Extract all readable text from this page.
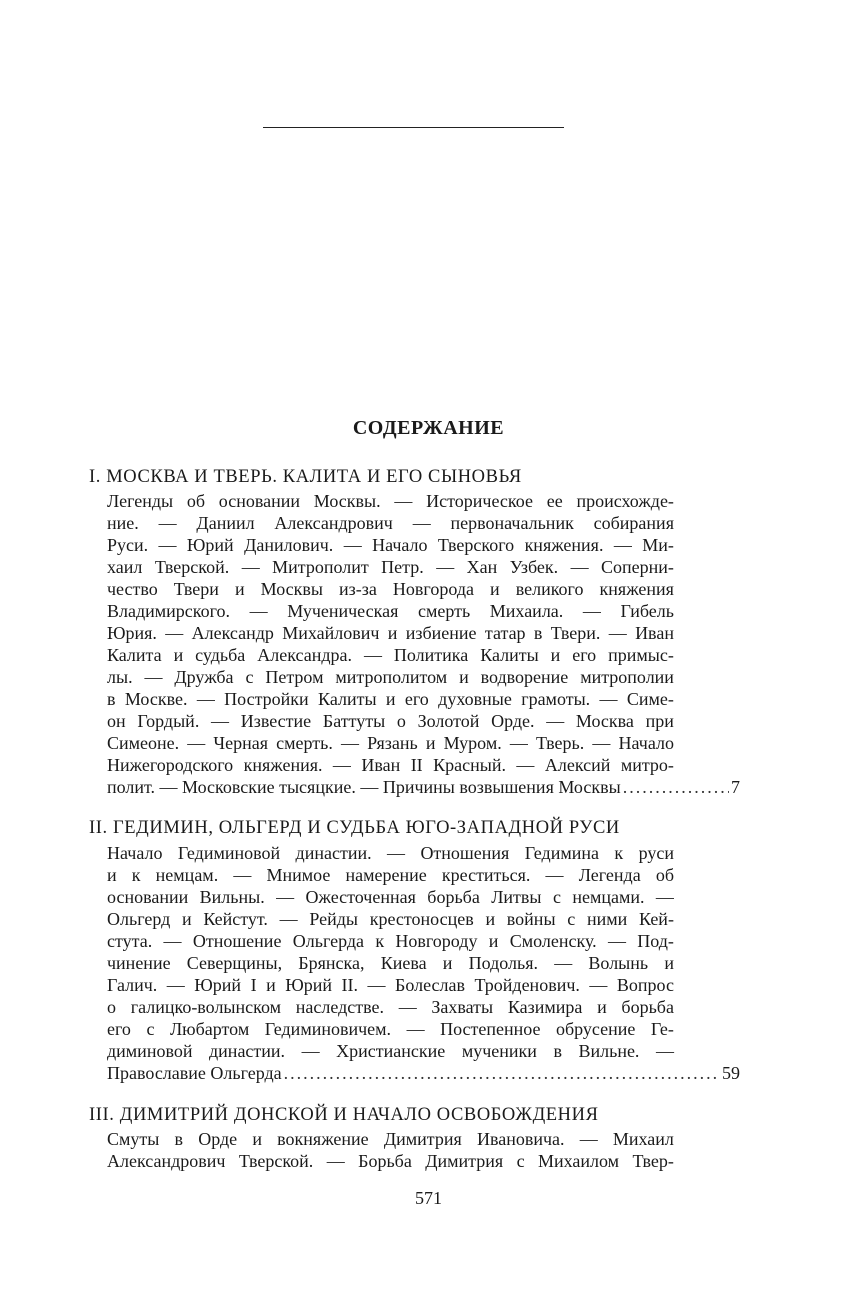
СОДЕРЖАНИЕ
I. МОСКВА И ТВЕРЬ. КАЛИТА И ЕГО СЫНОВЬЯ
Легенды об основании Москвы. — Историческое ее происхожде-
ние. — Даниил Александрович — первоначальник собирания
Руси. — Юрий Данилович. — Начало Тверского княжения. — Ми-
хаил Тверской. — Митрополит Петр. — Хан Узбек. — Соперни-
чество Твери и Москвы из-за Новгорода и великого княжения
Владимирского. — Мученическая смерть Михаила. — Гибель
Юрия. — Александр Михайлович и избиение татар в Твери. — Иван
Калита и судьба Александра. — Политика Калиты и его примыс-
лы. — Дружба с Петром митрополитом и водворение митрополии
в Москве. — Постройки Калиты и его духовные грамоты. — Симе-
он Гордый. — Известие Баттуты о Золотой Орде. — Москва при
Симеоне. — Черная смерть. — Рязань и Муром. — Тверь. — Начало
Нижегородского княжения. — Иван II Красный. — Алексий митро-
полит. — Московские тысяцкие. — Причины возвышения Москвы .....	7
II. ГЕДИМИН, ОЛЬГЕРД И СУДЬБА ЮГО-ЗАПАДНОЙ РУСИ
Начало Гедиминовой династии. — Отношения Гедимина к руси
и к немцам. — Мнимое намерение креститься. — Легенда об
основании Вильны. — Ожесточенная борьба Литвы с немцами. —
Ольгерд и Кейстут. — Рейды крестоносцев и войны с ними Кей-
стута. — Отношение Ольгерда к Новгороду и Смоленску. — Под-
чинение Северщины, Брянска, Киева и Подолья. — Волынь и
Галич. — Юрий I и Юрий II. — Болеслав Тройденович. — Вопрос
о галицко-волынском наследстве. — Захваты Казимира и борьба
его с Любартом Гедиминовичем. — Постепенное обрусение Ге-
диминовой династии. — Христианские мученики в Вильне. —
Православие Ольгерда .....	59
III. ДИМИТРИЙ ДОНСКОЙ И НАЧАЛО ОСВОБОЖДЕНИЯ
Смуты в Орде и вокняжение Димитрия Ивановича. — Михаил
Александрович Тверской. — Борьба Димитрия с Михаилом Твер-
571
